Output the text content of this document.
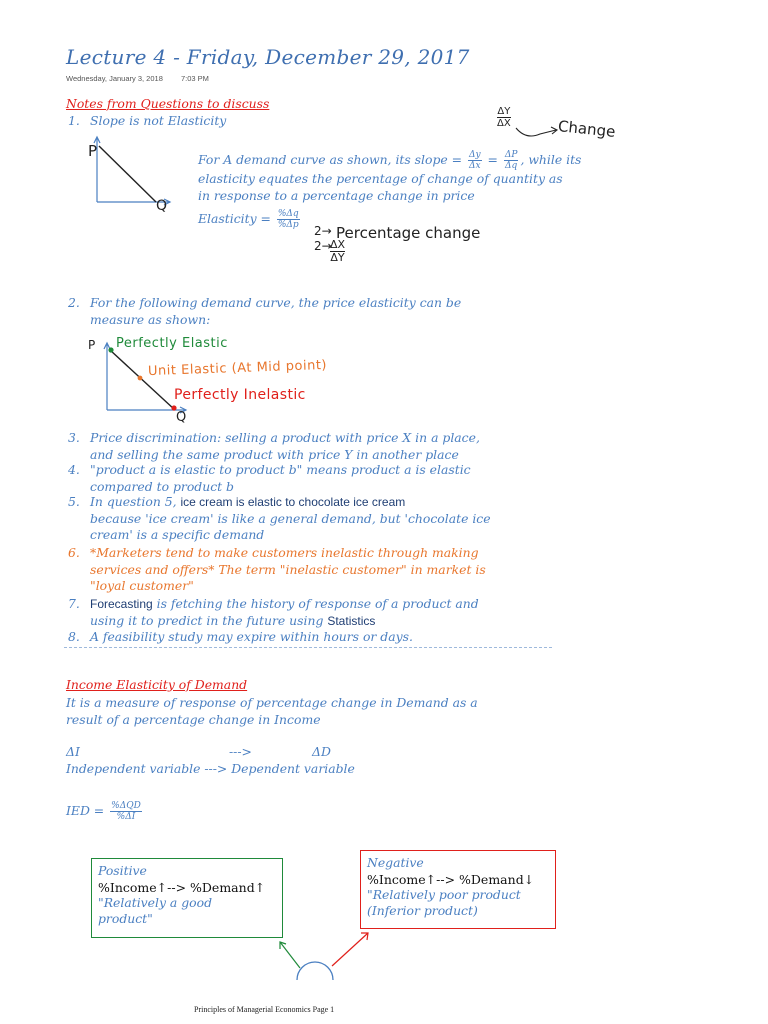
Lecture 4 - Friday, December 29, 2017
Wednesday, January 3, 2018 7:03 PM
Notes from Questions to discuss
1. Slope is not Elasticity
P
Q
For A demand curve as shown, its slope = $\frac{\Delta y}{\Delta x} = \frac{\Delta P}{\Delta q}$ , while its
elasticity equates the percentage of change of quantity as
in response to a percentage change in price
Elasticity = $\frac{\%\Delta q}{\%\Delta p}$
ΔY
ΔX	Change
2→ Percentage change
2→
ΔX
ΔY
2. For the following demand curve, the price elasticity can be
measure as shown:
P
Q
Perfectly Elastic
Unit Elastic (At Mid point)
Perfectly Inelastic
3. Price discrimination: selling a product with price X in a place,
and selling the same product with price Y in another place
4. "product a is elastic to product b" means product a is elastic
compared to product b
5. In question 5, ice cream is elastic to chocolate ice cream
because 'ice cream' is like a general demand, but 'chocolate ice
cream' is a specific demand
6. *Marketers tend to make customers inelastic through making
services and offers* The term "inelastic customer" in market is
"loyal customer"
7. Forecasting is fetching the history of response of a product and
using it to predict in the future using Statistics
8. A feasibility study may expire within hours or days.
Income Elasticity of Demand
It is a measure of response of percentage change in Demand as a
result of a percentage change in Income
ΔI	--->	ΔD
Independent variable ---> Dependent variable
IED = $\frac{\text{\%ΔQD}}{\%\Delta I}$
Positive
%Income↑--> %Demand↑
"Relatively a good
product"
Negative
%Income↑--> %Demand↓
"Relatively poor product
(Inferior product)
Principles of Managerial Economics Page 1
